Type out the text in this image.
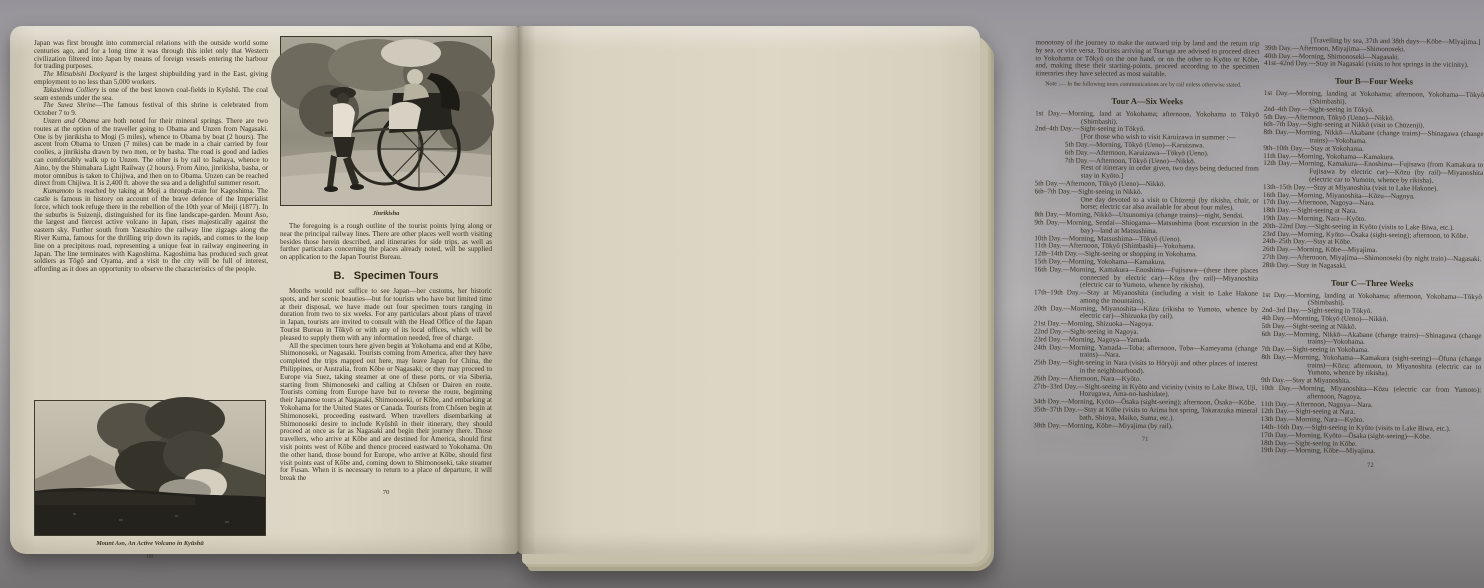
Japan was first brought into commercial relations with the outside world some centuries ago, and for a long time it was through this inlet only that Western civilization filtered into Japan by means of foreign vessels entering the harbour for trading purposes.

The Mitsubishi Dockyard is the largest shipbuilding yard in the East, giving employment to no less than 5,000 workers.

Takashima Colliery is one of the best known coal-fields in Kyūshū. The coal seam extends under the sea.

The Suwa Shrine—The famous festival of this shrine is celebrated from October 7 to 9.

Unzen and Obama are both noted for their mineral springs. There are two routes at the option of the traveller going to Obama and Unzen from Nagasaki. One is by jinrikisha to Mogi (5 miles), whence to Obama by boat (2 hours). The ascent from Obama to Unzen (7 miles) can be made in a chair carried by four coolies, a jinrikisha drawn by two men, or by basha. The road is good and ladies can comfortably walk up to Unzen. The other is by rail to Isahaya, whence to Aino, by the Shimabara Light Railway (2 hours). From Aino, jinrikisha, basha, or motor omnibus is taken to Chijiwa, and then on to Obama. Unzen can be reached direct from Chijiwa. It is 2,400 ft. above the sea and a delightful summer resort.

Kumamoto is reached by taking at Moji a through-train for Kagoshima. The castle is famous in history on account of the brave defence of the Imperialist force, which took refuge there in the rebellion of the 10th year of Meiji (1877). In the suburbs is Suizenji, distinguished for its fine landscape-garden. Mount Aso, the largest and fiercest active volcano in Japan, rises majestically against the eastern sky. Further south from Yatsushiro the railway line zigzags along the River Kuma, famous for the thrilling trip down its rapids, and comes to the loop line on a precipitous road, representing a unique feat in railway engineering in Japan. The line terminates with Kagoshima. Kagoshima has produced such great soldiers as Tōgō and Oyama, and a visit to the city will be full of interest, affording as it does an opportunity to observe the characteristics of the people.

Mount Aso, An Active Volcano in Kyūshū
69
Jinrikisha

The foregoing is a rough outline of the tourist points lying along or near the principal railway lines. There are other places well worth visiting besides those herein described, and itineraries for side trips, as well as further particulars concerning the places already noted, will be supplied on application to the Japan Tourist Bureau.

B.   Specimen Tours

Months would not suffice to see Japan—her customs, her historic spots, and her scenic beauties—but for tourists who have but limited time at their disposal, we have made out four specimen tours ranging in duration from two to six weeks. For any particulars about plans of travel in Japan, tourists are invited to consult with the Head Office of the Japan Tourist Bureau in Tōkyō or with any of its local offices, which will be pleased to supply them with any information needed, free of charge.

All the specimen tours here given begin at Yokohama and end at Kōbe, Shimonoseki, or Nagasaki. Tourists coming from America, after they have completed the trips mapped out here, may leave Japan for China, the Philippines, or Australia, from Kōbe or Nagasaki; or they may proceed to Europe via Suez, taking steamer at one of these ports, or via Siberia, starting from Shimonoseki and calling at Chōsen or Dairen en route. Tourists coming from Europe have but to reverse the route, beginning their Japanese tours at Nagasaki, Shimonoseki, or Kōbe, and embarking at Yokohama for the United States or Canada. Tourists from Chōsen begin at Shimonoseki, proceeding eastward. When travellers disembarking at Shimonoseki desire to include Kyūshū in their itinerary, they should proceed at once as far as Nagasaki and begin their journey there. Those travellers, who arrive at Kōbe and are destined for America, should first visit points west of Kōbe and thence proceed eastward to Yokohama. On the other hand, those bound for Europe, who arrive at Kōbe, should first visit points east of Kōbe and, coming down to Shimonoseki, take steamer for Fusan. When it is necessary to return to a place of departure, it will break the

70

monotony of the journey to make the outward trip by land and the return trip by sea, or vice versa. Tourists arriving at Tsuruga are advised to proceed direct to Yokohama or Tōkyō on the one hand, or on the other to Kyōto or Kōbe, and, making these their starting-points, proceed according to the specimen itineraries they have selected as most suitable.

Note :— In the following tours communications are by rail unless otherwise stated.
Tour A—Six Weeks

1st Day.—Morning, land at Yokohama; afternoon, Yokohama to Tōkyō (Shimbashi).

2nd–4th Day.—Sight-seeing in Tōkyō.

[For those who wish to visit Karuizawa in summer :—

5th Day.—Morning, Tōkyō (Ueno)—Karuizawa.

6th Day.—Afternoon, Karuizawa—Tōkyō (Ueno).

7th Day.—Afternoon, Tōkyō (Ueno)—Nikkō.

Rest of itinerary in order given, two days being deducted from stay in Kyōto.]

5th Day.—Afternoon, Tōkyō (Ueno)—Nikkō.

6th–7th Day.—Sight-seeing in Nikkō.

One day devoted to a visit to Chūzenji (by rikisha, chair, or horse; electric car also available for about four miles).

8th Day.—Morning, Nikkō—Utsunomiya (change trains)—night, Sendai.

9th Day.—Morning, Sendai—Shiogama—Matsushima (boat excursion in the bay)—land at Matsushima.

10th Day.—Morning, Matsushima—Tōkyō (Ueno).

11th Day.—Afternoon, Tōkyō (Shimbashi)—Yokohama.

12th–14th Day.—Sight-seeing or shopping in Yokohama.

15th Day.—Morning, Yokohama—Kamakura.

16th Day.—Morning, Kamakura—Enoshima—Fujisawa—(these three places connected by electric car)—Kōzu (by rail)—Miyanoshita (electric car to Yumoto, whence by rikisha).

17th–19th Day.—Stay at Miyanoshita (including a visit to Lake Hakone among the mountains).

20th Day.—Morning, Miyanoshita—Kōzu (rikisha to Yumoto, whence by electric car)—Shizuoka (by rail).

21st Day.—Morning, Shizuoka—Nagoya.

22nd Day.—Sight-seeing in Nagoya.

23rd Day.—Morning, Nagoya—Yamada.

24th Day.—Morning, Yamada—Toba; afternoon, Toba—Kameyama (change trains)—Nara.

25th Day.—Sight-seeing in Nara (visits to Hōryūji and other places of interest in the neighbourhood).

26th Day.—Afternoon, Nara—Kyōto.

27th–33rd Day.—Sight-seeing in Kyōto and vicinity (visits to Lake Biwa, Uji, Hozugawa, Ama-no-hashidate).

34th Day.—Morning, Kyōto—Ōsaka (sight-seeing); afternoon, Ōsaka—Kōbe.

35th–37th Day.—Stay at Kōbe (visits to Arima hot spring, Takarazuka mineral bath, Shioya, Maiko, Suma, etc.).

38th Day.—Morning, Kōbe—Miyajima (by rail).

71

[Travelling by sea, 37th and 38th days—Kōbe—Miyajima.]

39th Day.—Afternoon, Miyajima—Shimonoseki.

40th Day.—Morning, Shimonoseki—Nagasaki.

41st–42nd Day.—Stay in Nagasaki (visits to hot springs in the vicinity).

Tour B—Four Weeks

1st Day.—Morning, landing at Yokohama; afternoon, Yokohama—Tōkyō (Shimbashi).

2nd–4th Day.—Sight-seeing in Tōkyō.

5th Day.—Afternoon, Tōkyō (Ueno)—Nikkō.

6th–7th Day.—Sight-seeing at Nikkō (visit to Chūzenji).

8th Day.—Morning, Nikkō—Akabane (change trains)—Shinagawa (change trains)—Yokohama.

9th–10th Day.—Stay at Yokohama.

11th Day.—Morning, Yokohama—Kamakura.

12th Day.—Morning, Kamakura—Enoshima—Fujisawa (from Kamakura to Fujisawa by electric car)—Kōzu (by rail)—Miyanoshita (electric car to Yumoto, whence by rikisha).

13th–15th Day.—Stay at Miyanoshita (visit to Lake Hakone).

16th Day.—Morning, Miyanoshita—Kōzu—Nagoya.

17th Day.—Afternoon, Nagoya—Nara.

18th Day.—Sight-seeing at Nara.

19th Day.—Morning, Nara—Kyōto.

20th–22nd Day.—Sight-seeing in Kyōto (visits to Lake Biwa, etc.).

23rd Day.—Morning, Kyōto—Ōsaka (sight-seeing); afternoon, to Kōbe.

24th–25th Day.—Stay at Kōbe.

26th Day.—Morning, Kōbe—Miyajima.

27th Day.—Afternoon, Miyajima—Shimonoseki (by night train)—Nagasaki.

28th Day.—Stay in Nagasaki.

Tour C—Three Weeks

1st Day.—Morning, landing at Yokohama; afternoon, Yokohama—Tōkyō (Shimbashi).

2nd–3rd Day.—Sight-seeing in Tōkyō.

4th Day.—Morning, Tōkyō (Ueno)—Nikkō.

5th Day.—Sight-seeing at Nikkō.

6th Day.—Morning, Nikkō—Akabane (change trains)—Shinagawa (change trains)—Yokohama.

7th Day.—Sight-seeing in Yokohama.

8th Day.—Morning, Yokohama—Kamakura (sight-seeing)—Ōfuna (change trains)—Kōzu; afternoon, to Miyanoshita (electric car to Yumoto, whence by rikisha).

9th Day.—Stay at Miyanoshita.

10th Day.—Morning, Miyanoshita—Kōzu (electric car from Yumoto); afternoon, Nagoya.

11th Day.—Afternoon, Nagoya—Nara.

12th Day.—Sight-seeing at Nara.

13th Day.—Morning, Nara—Kyōto.

14th–16th Day.—Sight-seeing in Kyōto (visits to Lake Biwa, etc.).

17th Day.—Morning, Kyōto—Ōsaka (sight-seeing)—Kōbe.

18th Day.—Sight-seeing in Kōbe.

19th Day.—Morning, Kōbe—Miyajima.

72
